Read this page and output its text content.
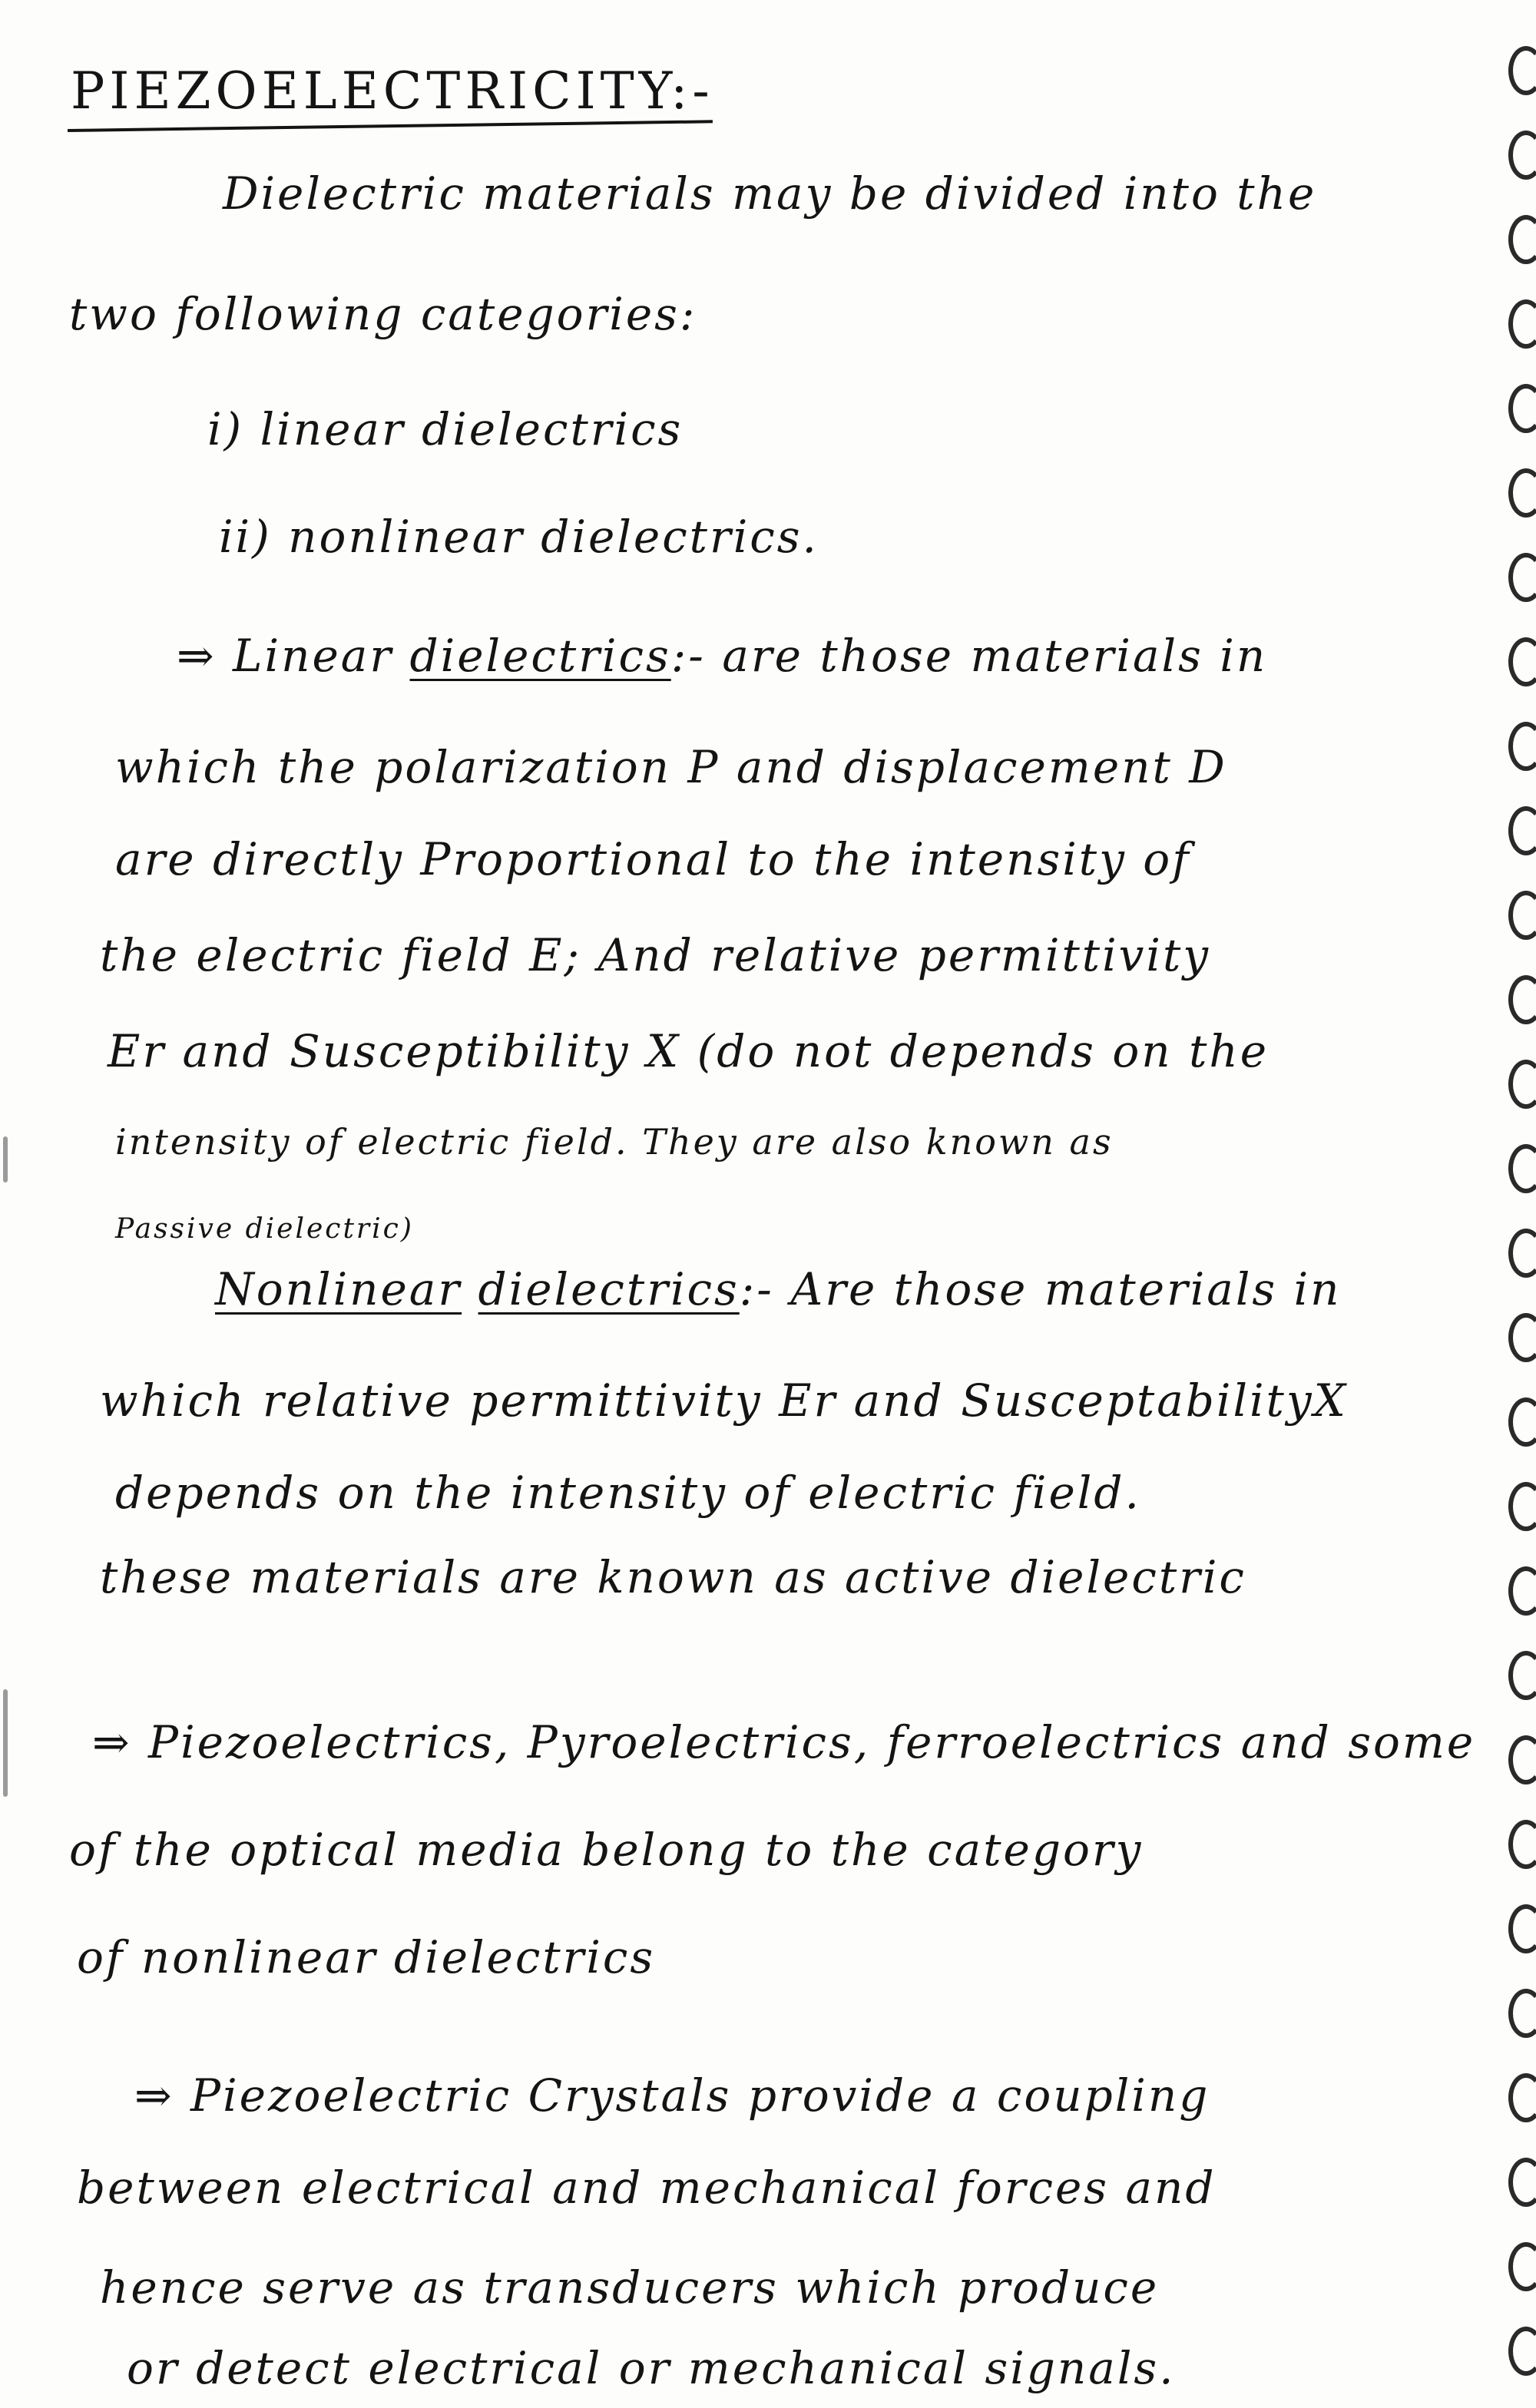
PIEZOELECTRICITY:-
Dielectric materials may be divided into the
two following categories:
i) linear dielectrics
ii) nonlinear dielectrics.
⇒ Linear dielectrics:- are those materials in
which the polarization P and displacement D
are directly Proportional to the intensity of
the electric field E; And relative permittivity
Er and Susceptibility X (do not depends on the
intensity of electric field. They are also known as
Passive dielectric)
Nonlinear dielectrics:- Are those materials in
which relative permittivity Er and SusceptabilityX
depends on the intensity of electric field.
these materials are known as active dielectric
⇒ Piezoelectrics, Pyroelectrics, ferroelectrics and some
of the optical media belong to the category
of nonlinear dielectrics
⇒ Piezoelectric Crystals provide a coupling
between electrical and mechanical forces and
hence serve as transducers which produce
or detect electrical or mechanical signals.
